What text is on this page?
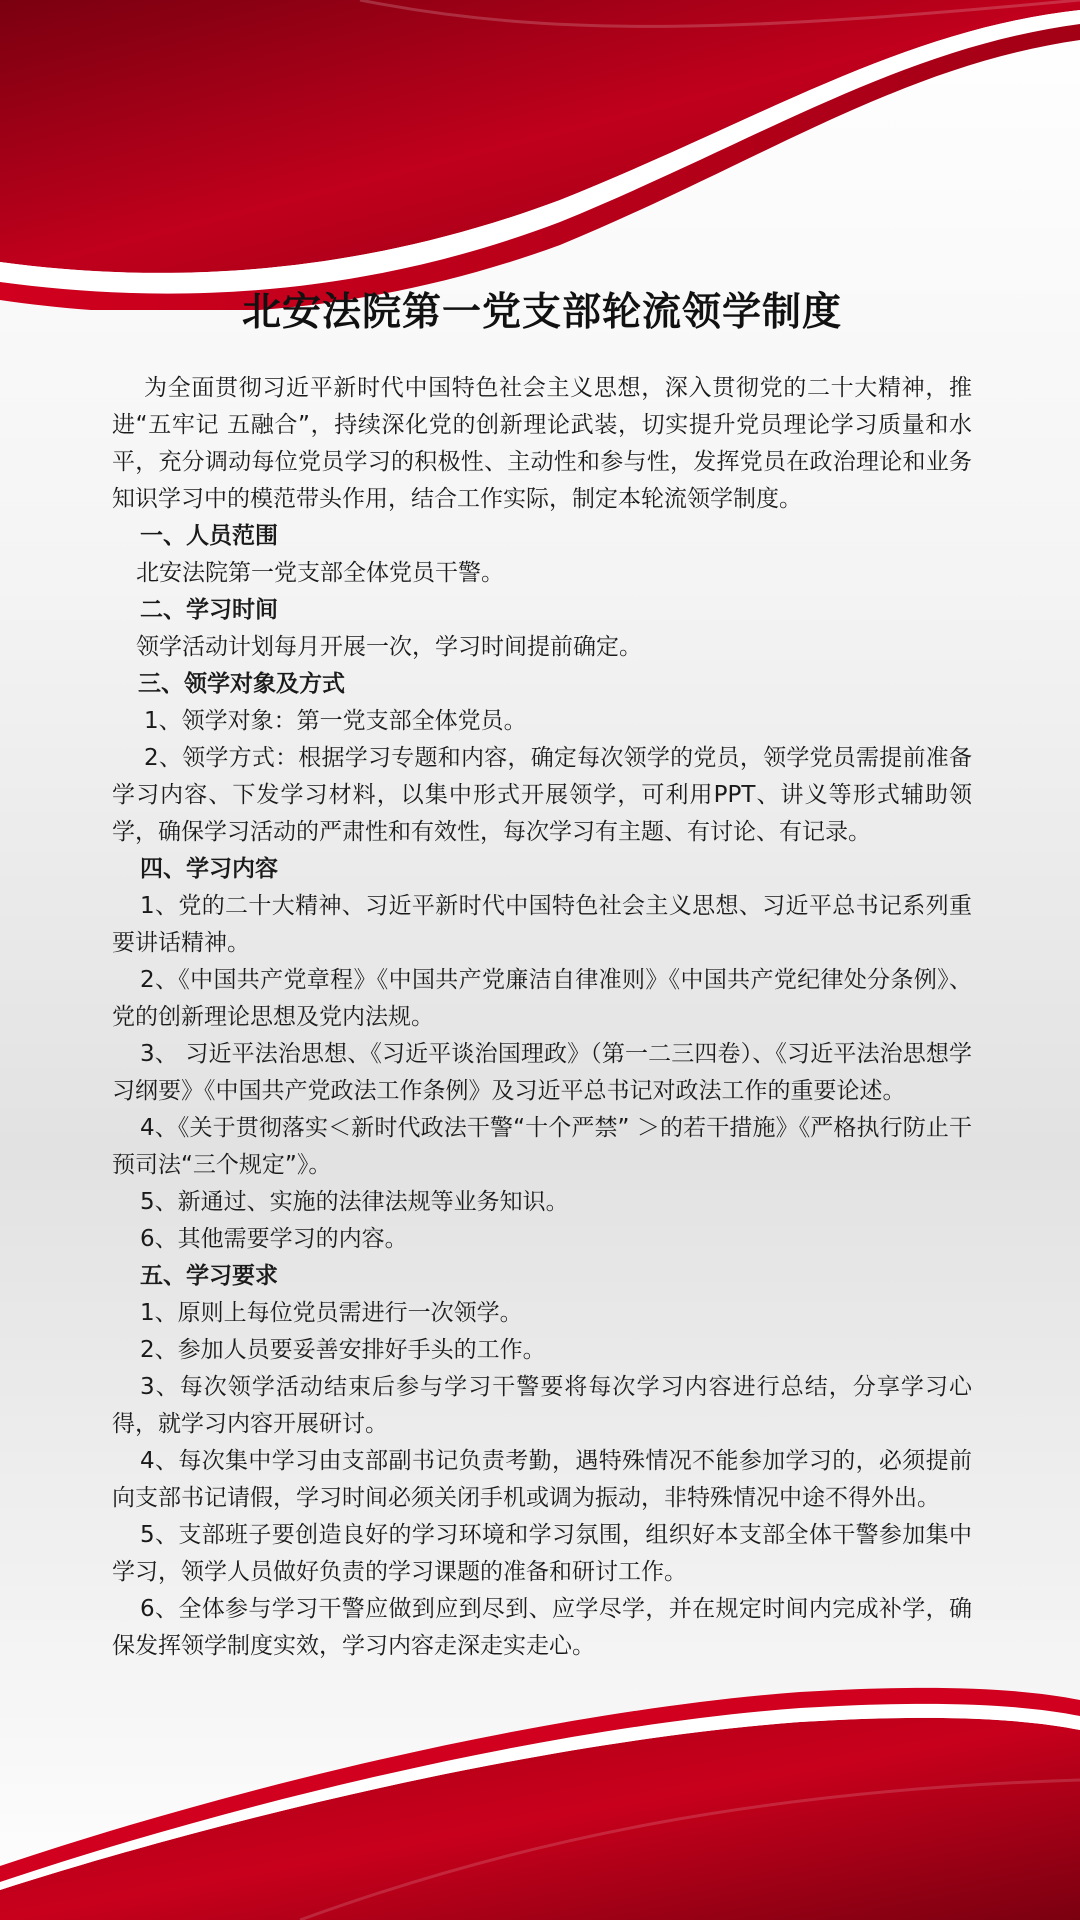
北安法院第一党支部轮流领学制度

为全面贯彻习近平新时代中国特色社会主义思想，深入贯彻党的二十大精神，推进“五牢记 五融合”，持续深化党的创新理论武装，切实提升党员理论学习质量和水平，充分调动每位党员学习的积极性、主动性和参与性，发挥党员在政治理论和业务知识学习中的模范带头作用，结合工作实际，制定本轮流领学制度。

一、人员范围

北安法院第一党支部全体党员干警。

二、学习时间

领学活动计划每月开展一次，学习时间提前确定。

三、领学对象及方式

1、领学对象：第一党支部全体党员。

2、领学方式：根据学习专题和内容，确定每次领学的党员，领学党员需提前准备学习内容、下发学习材料，以集中形式开展领学，可利用PPT、讲义等形式辅助领学，确保学习活动的严肃性和有效性，每次学习有主题、有讨论、有记录。

四、学习内容

1、党的二十大精神、习近平新时代中国特色社会主义思想、习近平总书记系列重要讲话精神。

2、《中国共产党章程》《中国共产党廉洁自律准则》《中国共产党纪律处分条例》、党的创新理论思想及党内法规。

3、 习近平法治思想、《习近平谈治国理政》（第一二三四卷）、《习近平法治思想学习纲要》《中国共产党政法工作条例》及习近平总书记对政法工作的重要论述。

4、《关于贯彻落实＜新时代政法干警“十个严禁” ＞的若干措施》《严格执行防止干预司法“三个规定”》。

5、新通过、实施的法律法规等业务知识。

6、其他需要学习的内容。

五、学习要求

1、原则上每位党员需进行一次领学。

2、参加人员要妥善安排好手头的工作。

3、每次领学活动结束后参与学习干警要将每次学习内容进行总结，分享学习心得，就学习内容开展研讨。

4、每次集中学习由支部副书记负责考勤，遇特殊情况不能参加学习的，必须提前向支部书记请假，学习时间必须关闭手机或调为振动，非特殊情况中途不得外出。

5、支部班子要创造良好的学习环境和学习氛围，组织好本支部全体干警参加集中学习，领学人员做好负责的学习课题的准备和研讨工作。

6、全体参与学习干警应做到应到尽到、应学尽学，并在规定时间内完成补学，确保发挥领学制度实效，学习内容走深走实走心。
